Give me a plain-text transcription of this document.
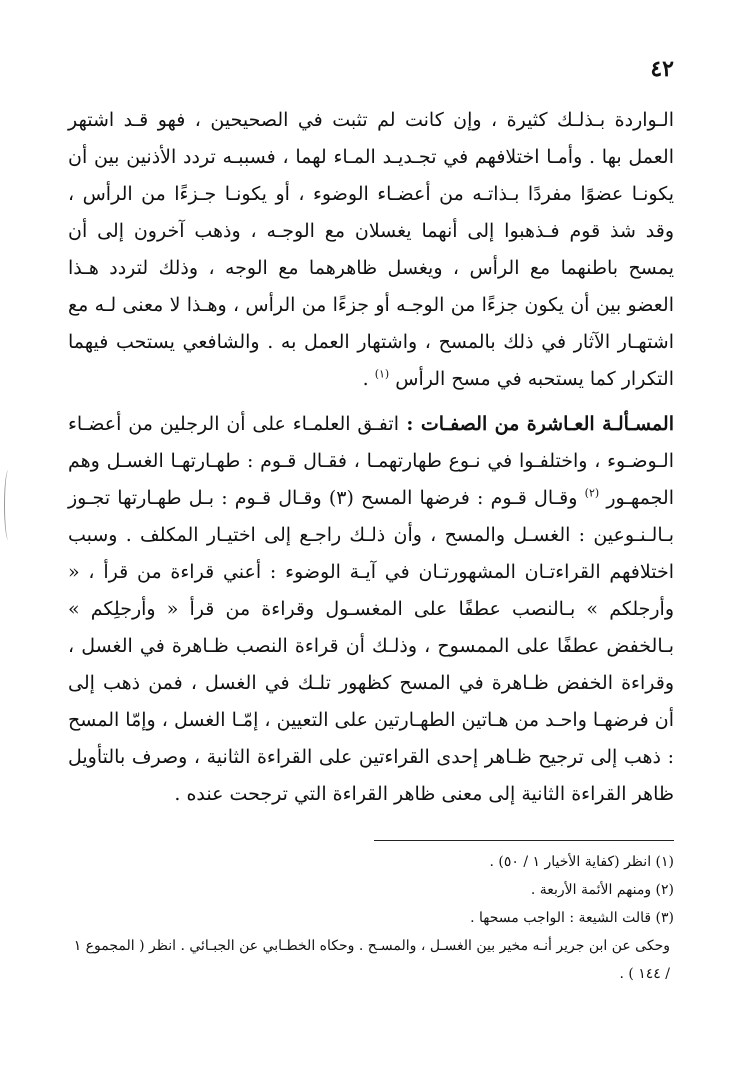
٤٢

الـواردة بـذلـك كثيرة ، وإن كانت لم تثبت في الصحيحين ، فهو قـد اشتهر العمل بها . وأمـا اختلافهم في تجـديـد المـاء لهما ، فسببـه تردد الأذنين بين أن يكونـا عضوًا مفردًا بـذاتـه من أعضـاء الوضوء ، أو يكونـا جـزءًا من الرأس ، وقد شذ قوم فـذهبوا إلى أنهما يغسلان مع الوجـه ، وذهب آخرون إلى أن يمسح باطنهما مع الرأس ، ويغسل ظاهرهما مع الوجه ، وذلك لتردد هـذا العضو بين أن يكون جزءًا من الوجـه أو جزءًا من الرأس ، وهـذا لا معنى لـه مع اشتهـار الآثار في ذلك بالمسح ، واشتهار العمل به . والشافعي يستحب فيهما التكرار كما يستحبه في مسح الرأس $^{(١)}$ .

المسـألـة العـاشرة من الصفـات : اتفـق العلمـاء على أن الرجلين من أعضـاء الـوضـوء ، واختلفـوا في نـوع طهارتهمـا ، فقـال قـوم : طهـارتهـا الغسـل وهم الجمهـور $^{(٢)}$ وقـال قـوم : فرضها المسح (٣) وقـال قـوم : بـل طهـارتها تجـوز بـالـنـوعين : الغسـل والمسح ، وأن ذلـك راجـع إلى اختيـار المكلف . وسبب اختلافهم القراءتـان المشهورتـان في آيـة الوضوء : أعني قراءة من قرأ ، « وأرجلكم » بـالنصب عطفًا على المغسـول وقراءة من قرأ « وأرجلِكم » بـالخفض عطفًا على الممسوح ، وذلـك أن قراءة النصب ظـاهرة في الغسل ، وقراءة الخفض ظـاهرة في المسح كظهور تلـك في الغسل ، فمن ذهب إلى أن فرضهـا واحـد من هـاتين الطهـارتين على التعيين ، إمّـا الغسل ، وإمّا المسح : ذهب إلى ترجيح ظـاهر إحدى القراءتين على القراءة الثانية ، وصرف بالتأويل ظاهر القراءة الثانية إلى معنى ظاهر القراءة التي ترجحت عنده .

(١) انظر (كفاية الأخيار ١ / ٥٠) .

(٢) ومنهم الأئمة الأربعة .

(٣) قالت الشيعة : الواجب مسحها .

وحكى عن ابن جرير أنـه مخير بين الغسـل ، والمسـح . وحكاه الخطـابي عن الجبـائي . انظر ( المجموع ١ / ١٤٤ ) .
